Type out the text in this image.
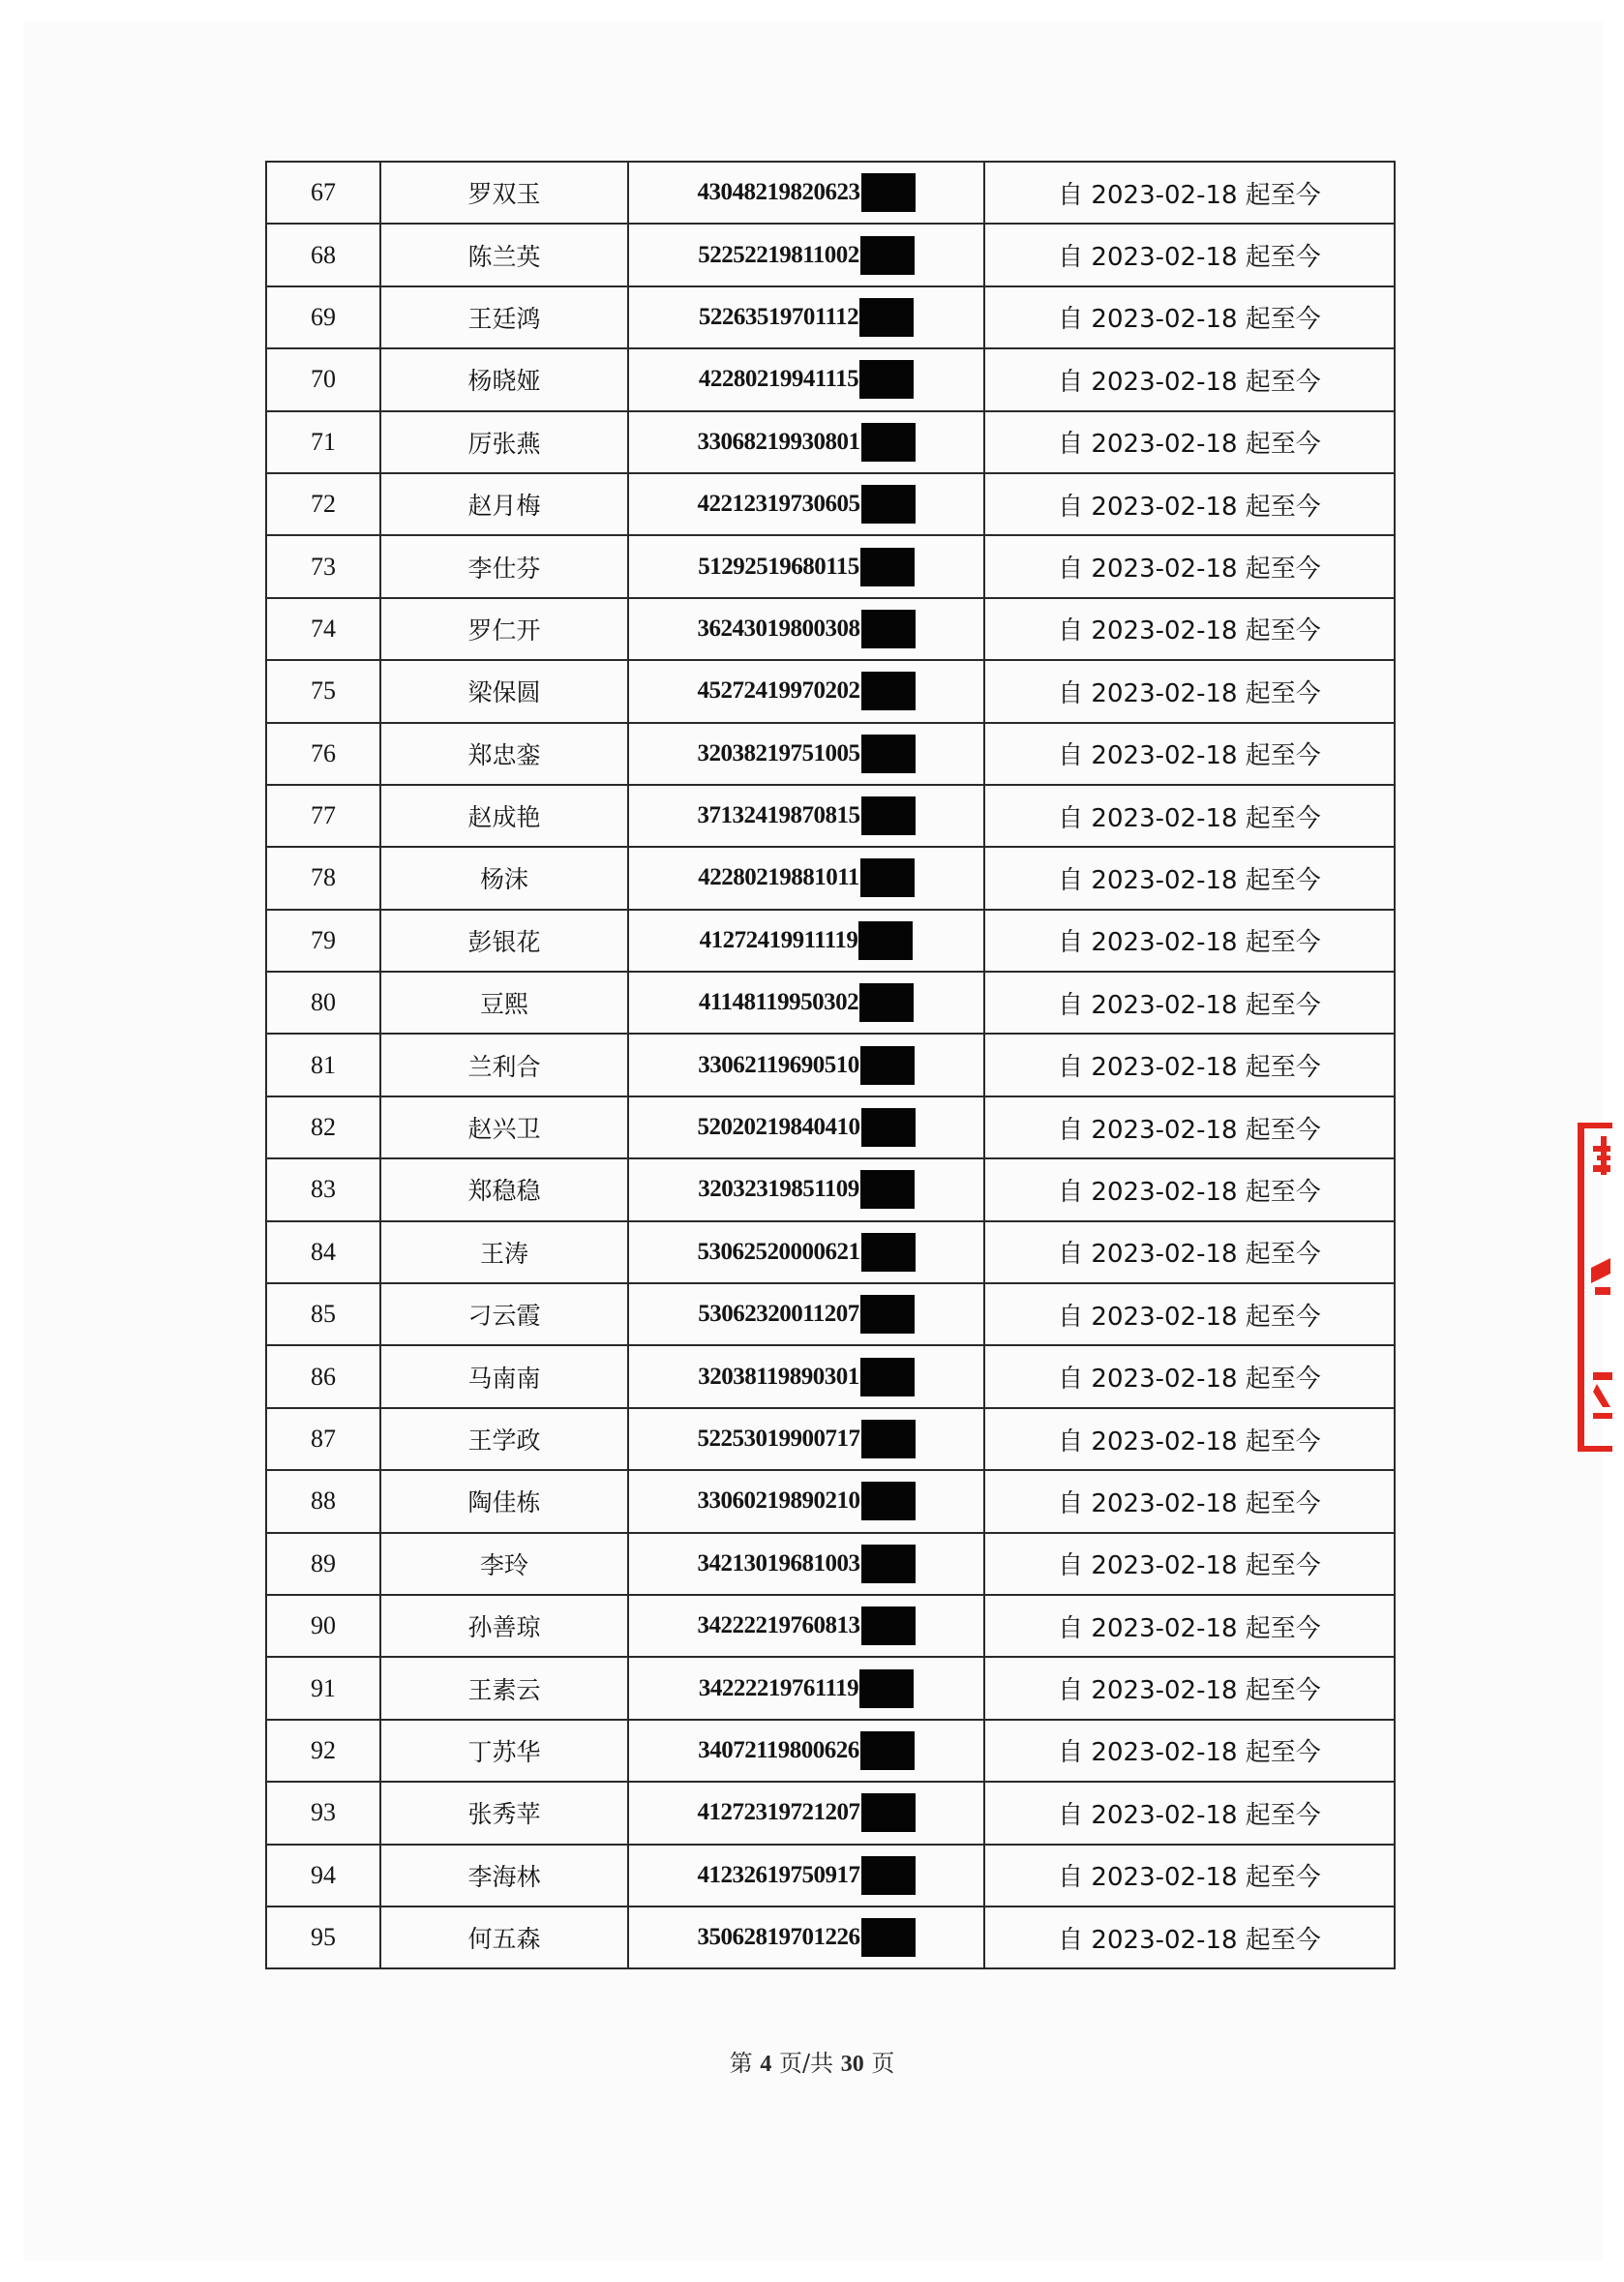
67	罗双玉	43048219820623	自 2023-02-18 起至今
68	陈兰英	52252219811002	自 2023-02-18 起至今
69	王廷鸿	52263519701112	自 2023-02-18 起至今
70	杨晓娅	42280219941115	自 2023-02-18 起至今
71	厉张燕	33068219930801	自 2023-02-18 起至今
72	赵月梅	42212319730605	自 2023-02-18 起至今
73	李仕芬	51292519680115	自 2023-02-18 起至今
74	罗仁开	36243019800308	自 2023-02-18 起至今
75	梁保圆	45272419970202	自 2023-02-18 起至今
76	郑忠銮	32038219751005	自 2023-02-18 起至今
77	赵成艳	37132419870815	自 2023-02-18 起至今
78	杨沫	42280219881011	自 2023-02-18 起至今
79	彭银花	41272419911119	自 2023-02-18 起至今
80	豆熙	41148119950302	自 2023-02-18 起至今
81	兰利合	33062119690510	自 2023-02-18 起至今
82	赵兴卫	52020219840410	自 2023-02-18 起至今
83	郑稳稳	32032319851109	自 2023-02-18 起至今
84	王涛	53062520000621	自 2023-02-18 起至今
85	刁云霞	53062320011207	自 2023-02-18 起至今
86	马南南	32038119890301	自 2023-02-18 起至今
87	王学政	52253019900717	自 2023-02-18 起至今
88	陶佳栋	33060219890210	自 2023-02-18 起至今
89	李玲	34213019681003	自 2023-02-18 起至今
90	孙善琼	34222219760813	自 2023-02-18 起至今
91	王素云	34222219761119	自 2023-02-18 起至今
92	丁苏华	34072119800626	自 2023-02-18 起至今
93	张秀苹	41272319721207	自 2023-02-18 起至今
94	李海林	41232619750917	自 2023-02-18 起至今
95	何五森	35062819701226	自 2023-02-18 起至今
第 4 页/共 30 页
